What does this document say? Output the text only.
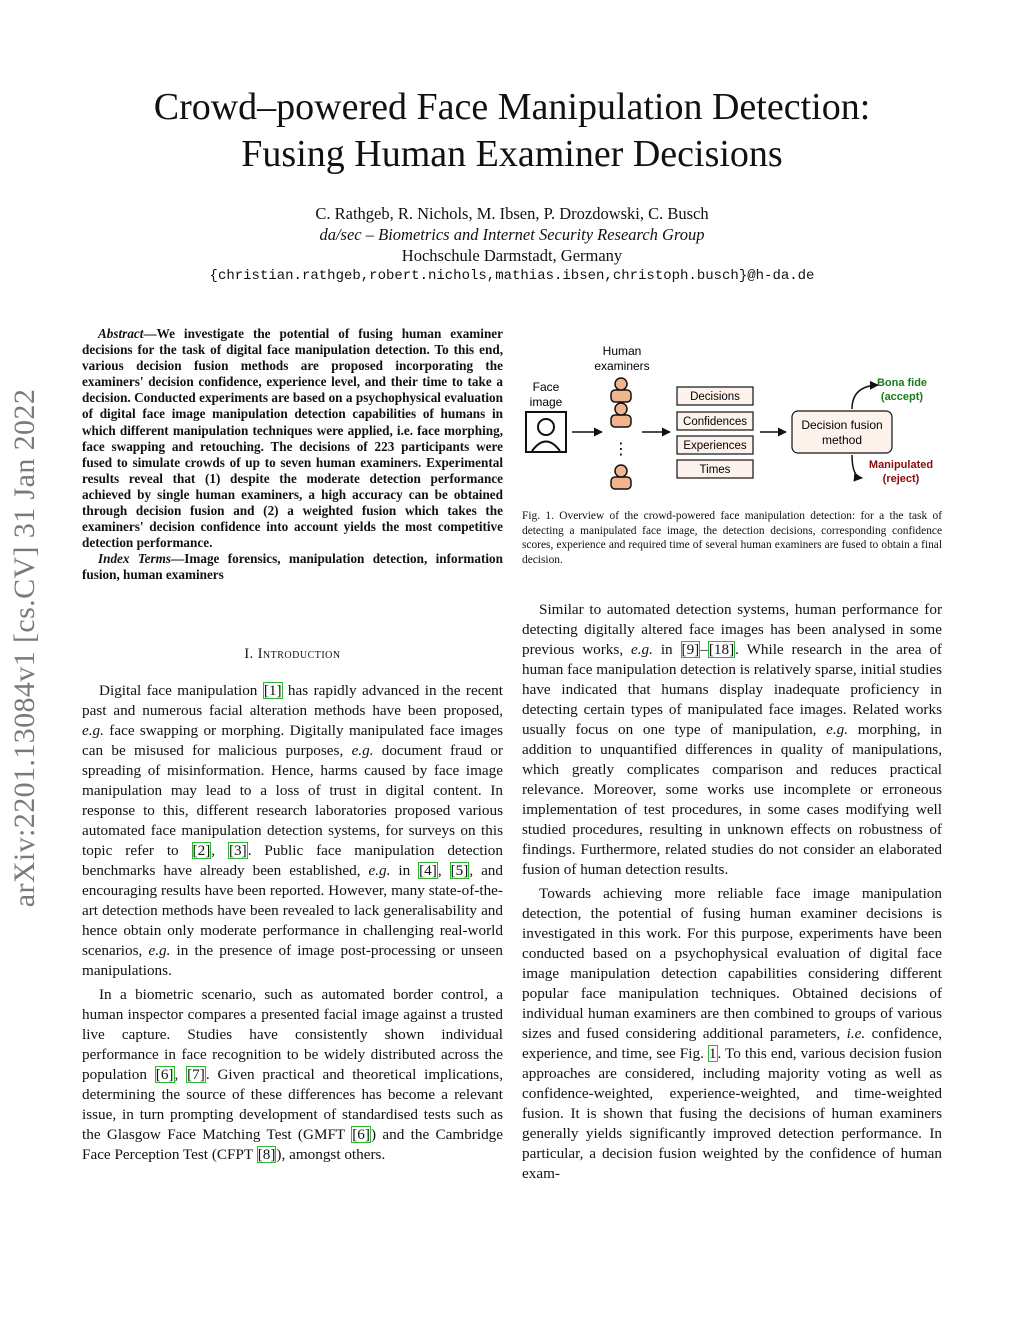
Crowd–powered Face Manipulation Detection:
Fusing Human Examiner Decisions
C. Rathgeb, R. Nichols, M. Ibsen, P. Drozdowski, C. Busch
da/sec – Biometrics and Internet Security Research Group
Hochschule Darmstadt, Germany
{christian.rathgeb,robert.nichols,mathias.ibsen,christoph.busch}@h-da.de
arXiv:2201.13084v1 [cs.CV] 31 Jan 2022

Abstract—We investigate the potential of fusing human examiner decisions for the task of digital face manipulation detection. To this end, various decision fusion methods are proposed incorporating the examiners' decision confidence, experience level, and their time to take a decision. Conducted experiments are based on a psychophysical evaluation of digital face image manipulation detection capabilities of humans in which different manipulation techniques were applied, i.e. face morphing, face swapping and retouching. The decisions of 223 participants were fused to simulate crowds of up to seven human examiners. Experimental results reveal that (1) despite the moderate detection performance achieved by single human examiners, a high accuracy can be obtained through decision fusion and (2) a weighted fusion which takes the examiners' decision confidence into account yields the most competitive detection performance.

Index Terms—Image forensics, manipulation detection, information fusion, human examiners

I. Introduction

Digital face manipulation [1] has rapidly advanced in the recent past and numerous facial alteration methods have been proposed, e.g. face swapping or morphing. Digitally manipulated face images can be misused for malicious purposes, e.g. document fraud or spreading of misinformation. Hence, harms caused by face image manipulation may lead to a loss of trust in digital content. In response to this, different research laboratories proposed various automated face manipulation detection systems, for surveys on this topic refer to [2], [3]. Public face manipulation detection benchmarks have already been established, e.g. in [4], [5], and encouraging results have been reported. However, many state-of-the-art detection methods have been revealed to lack generalisability and hence obtain only moderate performance in challenging real-world scenarios, e.g. in the presence of image post-processing or unseen manipulations.

In a biometric scenario, such as automated border control, a human inspector compares a presented facial image against a trusted live capture. Studies have consistently shown individual performance in face recognition to be widely distributed across the population [6], [7]. Given practical and theoretical implications, determining the source of these differences has become a relevant issue, in turn prompting development of standardised tests such as the Glasgow Face Matching Test (GMFT [6]) and the Cambridge Face Perception Test (CFPT [8]), amongst others.

Similar to automated detection systems, human performance for detecting digitally altered face images has been analysed in some previous works, e.g. in [9]–[18]. While research in the area of human face manipulation detection is relatively sparse, initial studies have indicated that humans display inadequate proficiency in detecting certain types of manipulated face images. Related works usually focus on one type of manipulation, e.g. morphing, in addition to unquantified differences in quality of manipulations, which greatly complicates comparison and reduces practical relevance. Moreover, some works use incomplete or erroneous implementation of test procedures, in some cases modifying well studied procedures, resulting in unknown effects on robustness of findings. Furthermore, related studies do not consider an elaborated fusion of human detection results.

Towards achieving more reliable face image manipulation detection, the potential of fusing human examiner decisions is investigated in this work. For this purpose, experiments have been conducted based on a psychophysical evaluation of digital face image manipulation detection capabilities considering different popular face manipulation techniques. Obtained decisions of individual human examiners are then combined to groups of various sizes and fused considering additional parameters, i.e. confidence, experience, and time, see Fig. 1. To this end, various decision fusion approaches are considered, including majority voting as well as confidence-weighted, experience-weighted, and time-weighted fusion. It is shown that fusing the decisions of human examiners generally yields significantly improved detection performance. In particular, a decision fusion weighted by the confidence of human exam-

Face
image
Human
examiners
⋮
Decisions
Confidences
Experiences
Times
Decision fusion
method
Bona fide
(accept)
Manipulated
(reject)
Fig. 1. Overview of the crowd-powered face manipulation detection: for a the task of detecting a manipulated face image, the detection decisions, corresponding confidence scores, experience and required time of several human examiners are fused to obtain a final decision.
